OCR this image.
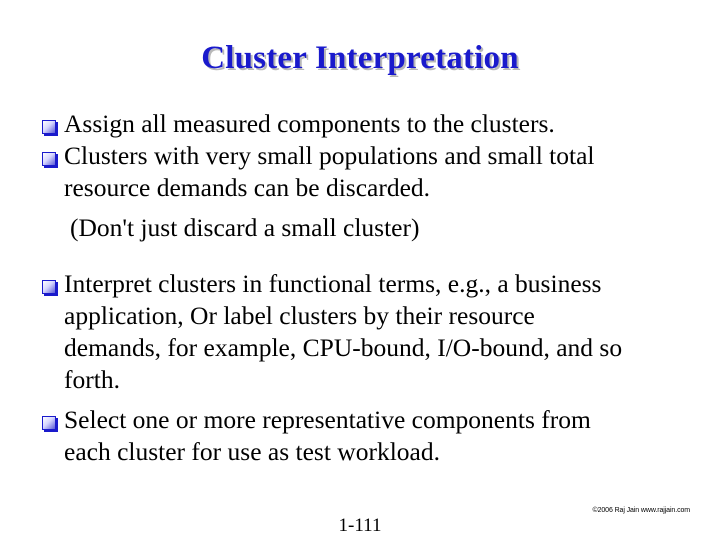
Cluster Interpretation
Assign all measured components to the clusters.
Clusters with very small populations and small total
resource demands can be discarded.
(Don't just discard a small cluster)
Interpret clusters in functional terms, e.g., a business
application, Or label clusters by their resource
demands, for example, CPU-bound, I/O-bound, and so
forth.
Select one or more representative components from
each cluster for use as test workload.
©2006 Raj Jain www.rajjain.com
1-111
